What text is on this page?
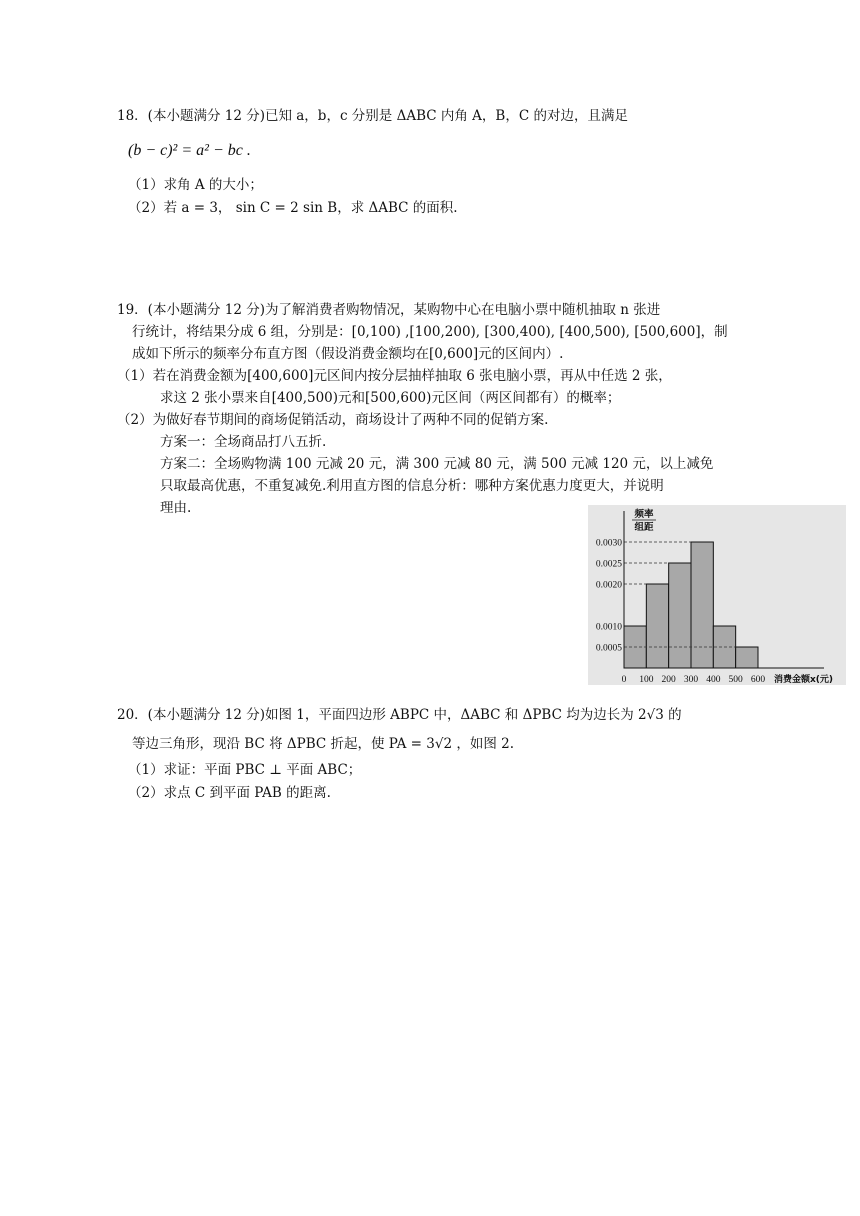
18．(本小题满分 12 分)已知 a，b，c 分别是 ΔABC 内角 A，B，C 的对边，且满足
(b − c)² = a² − bc .
（1）求角 A 的大小；
（2）若 a = 3， sin C = 2 sin B，求 ΔABC 的面积.
19．(本小题满分 12 分)为了解消费者购物情况，某购物中心在电脑小票中随机抽取 n 张进
行统计，将结果分成 6 组，分别是：[0,100) ,[100,200), [300,400), [400,500), [500,600]，制
成如下所示的频率分布直方图（假设消费金额均在[0,600]元的区间内）.
（1）若在消费金额为[400,600]元区间内按分层抽样抽取 6 张电脑小票，再从中任选 2 张，
求这 2 张小票来自[400,500)元和[500,600)元区间（两区间都有）的概率；
（2）为做好春节期间的商场促销活动，商场设计了两种不同的促销方案.
方案一：全场商品打八五折.
方案二：全场购物满 100 元减 20 元，满 300 元减 80 元，满 500 元减 120 元，以上减免
只取最高优惠，不重复减免.利用直方图的信息分析：哪种方案优惠力度更大，并说明
理由.
0.0005
0.0010
0.0020
0.0025
0.0030
频率
组距
0 100 200 300 400 500 600 消费金额x(元)
20．(本小题满分 12 分)如图 1，平面四边形 ABPC 中，ΔABC 和 ΔPBC 均为边长为 2√3 的
等边三角形，现沿 BC 将 ΔPBC 折起，使 PA = 3√2 ，如图 2.
（1）求证：平面 PBC ⊥ 平面 ABC；
（2）求点 C 到平面 PAB 的距离.
